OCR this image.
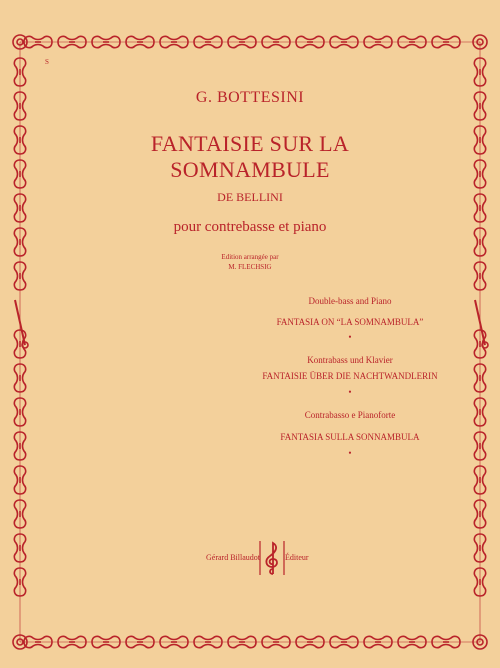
S

G. BOTTESINI
FANTAISIE SUR LA
SOMNAMBULE

DE BELLINI

pour contrebasse et piano

Edition arrangée par

M. FLECHSIG

Double-bass and Piano

FANTASIA ON “LA SOMNAMBULA”

•

Kontrabass und Klavier

FANTAISIE ÜBER DIE NACHTWANDLERIN

•

Contrabasso e Pianoforte

FANTASIA SULLA SONNAMBULA

•

Gérard Billaudot	Éditeur
